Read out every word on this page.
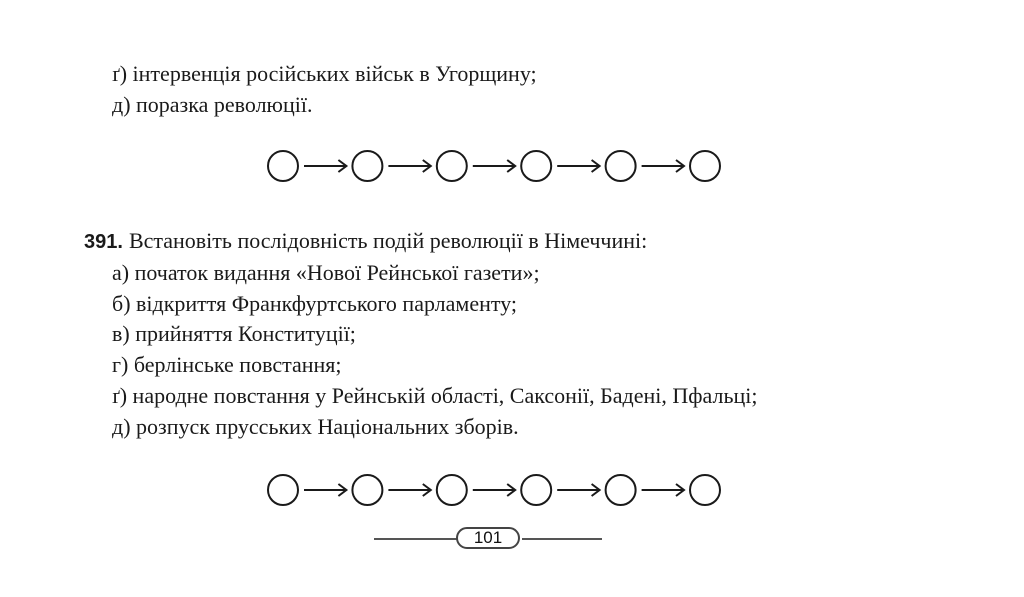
ґ) інтервенція російських військ в Угорщину;
д) поразка революції.
391. Встановіть послідовність подій революції в Німеччині:
а) початок видання «Нової Рейнської газети»;
б) відкриття Франкфуртського парламенту;
в) прийняття Конституції;
г) берлінське повстання;
ґ) народне повстання у Рейнській області, Саксонії, Бадені, Пфальці;
д) розпуск прусських Національних зборів.
101
